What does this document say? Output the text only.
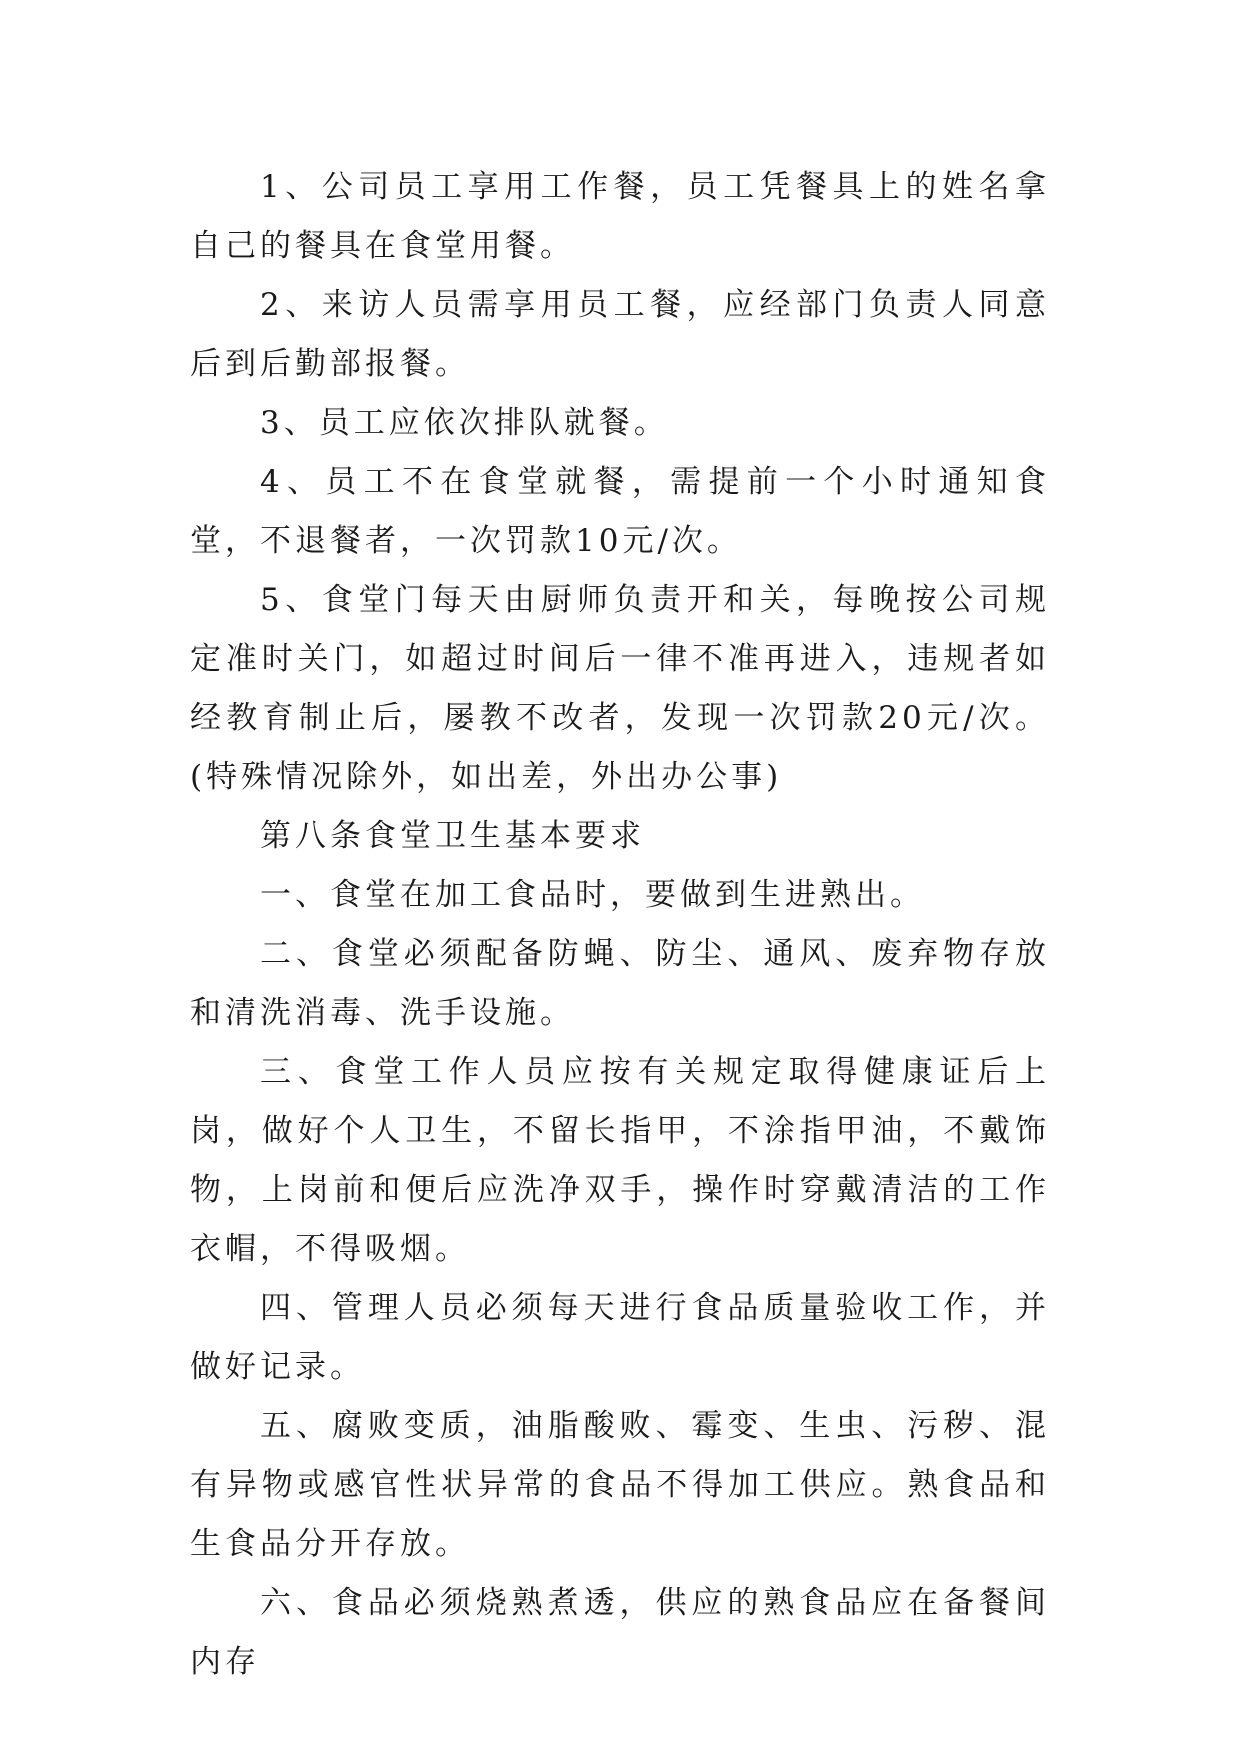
1、公司员工享用工作餐，员工凭餐具上的姓名拿自己的餐具在食堂用餐。

2、来访人员需享用员工餐，应经部门负责人同意后到后勤部报餐。

3、员工应依次排队就餐。

4、员工不在食堂就餐，需提前一个小时通知食堂，不退餐者，一次罚款10元/次。

5、食堂门每天由厨师负责开和关，每晚按公司规定准时关门，如超过时间后一律不准再进入，违规者如经教育制止后，屡教不改者，发现一次罚款20元/次。(特殊情况除外，如出差，外出办公事)

第八条食堂卫生基本要求

一、食堂在加工食品时，要做到生进熟出。

二、食堂必须配备防蝇、防尘、通风、废弃物存放和清洗消毒、洗手设施。

三、食堂工作人员应按有关规定取得健康证后上岗，做好个人卫生，不留长指甲，不涂指甲油，不戴饰物，上岗前和便后应洗净双手，操作时穿戴清洁的工作衣帽，不得吸烟。

四、管理人员必须每天进行食品质量验收工作，并做好记录。

五、腐败变质，油脂酸败、霉变、生虫、污秽、混有异物或感官性状异常的食品不得加工供应。熟食品和生食品分开存放。

六、食品必须烧熟煮透，供应的熟食品应在备餐间内存
